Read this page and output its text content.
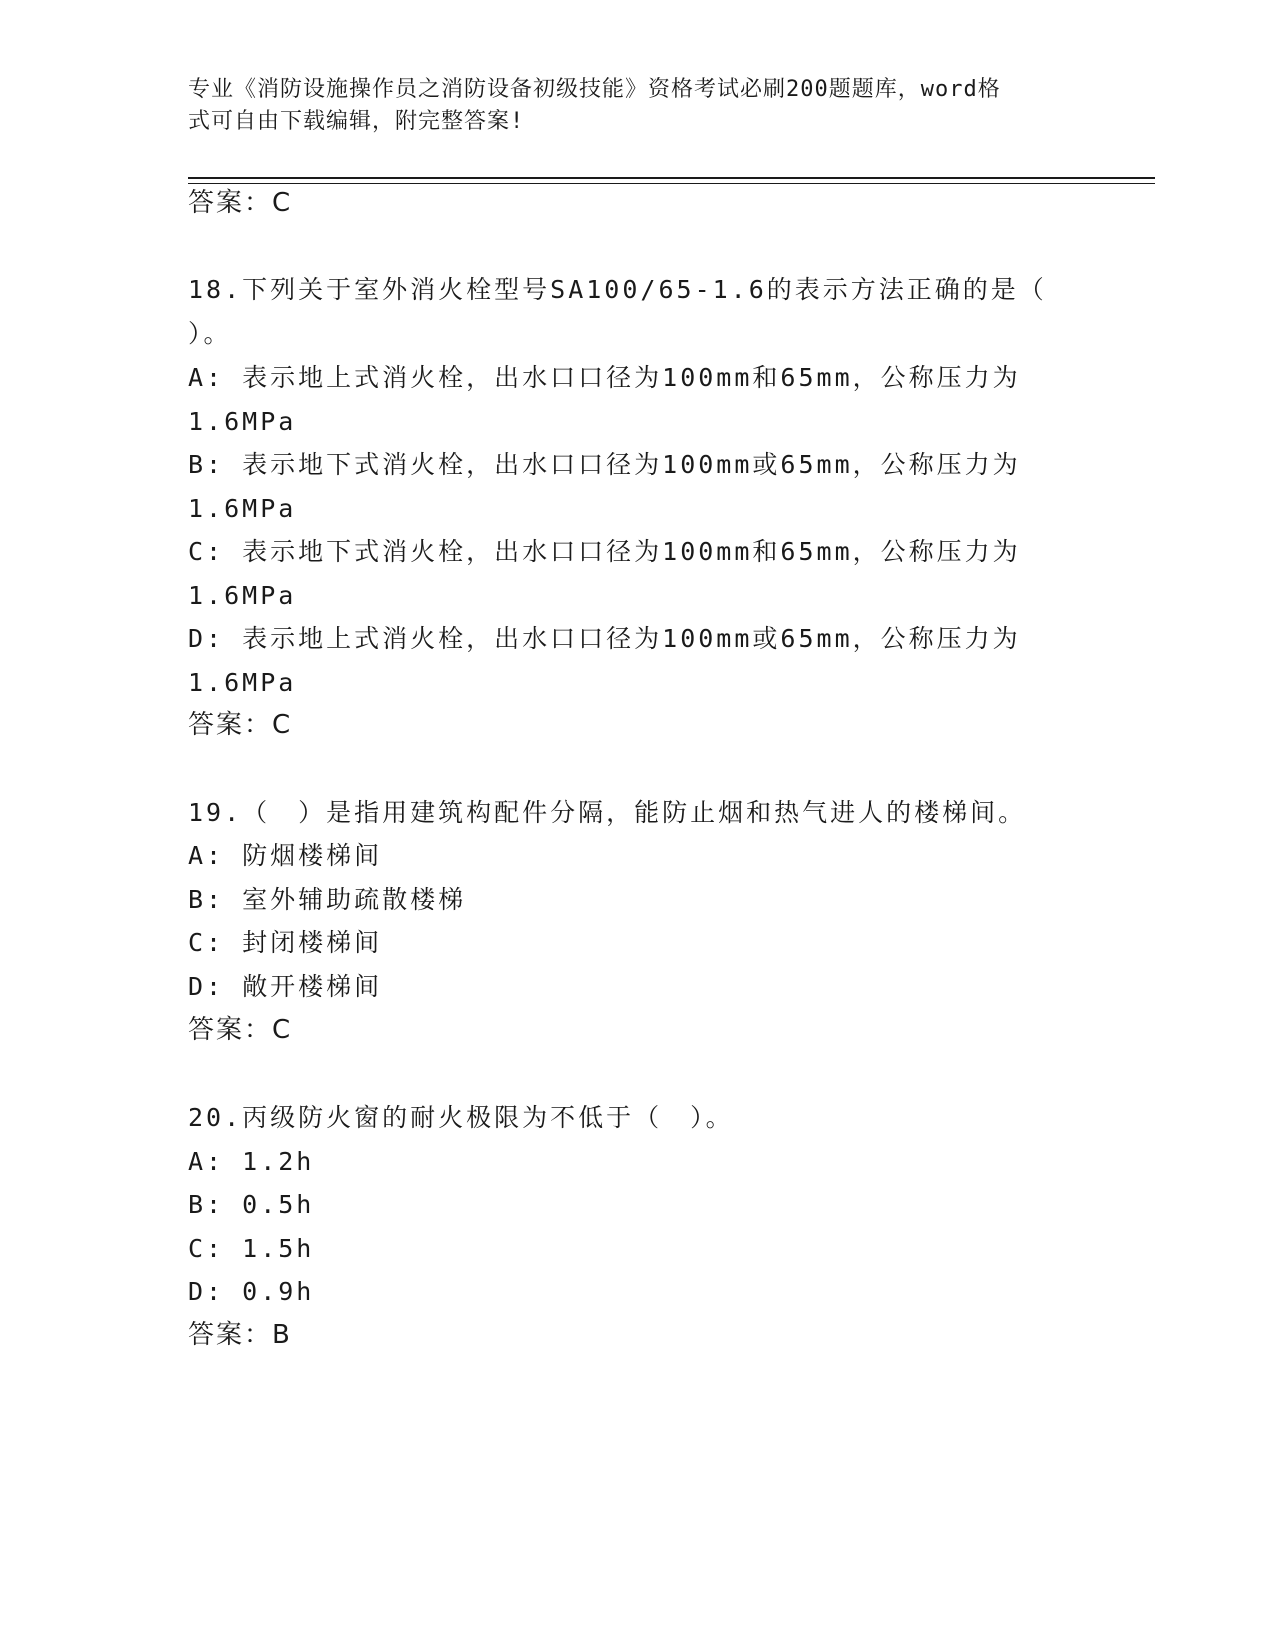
专业《消防设施操作员之消防设备初级技能》资格考试必刷200题题库，word格
式可自由下载编辑，附完整答案!
答案：C
18.下列关于室外消火栓型号SA100/65-1.6的表示方法正确的是（
）。
A: 表示地上式消火栓，出水口口径为100mm和65mm，公称压力为
1.6MPa
B: 表示地下式消火栓，出水口口径为100mm或65mm，公称压力为
1.6MPa
C: 表示地下式消火栓，出水口口径为100mm和65mm，公称压力为
1.6MPa
D: 表示地上式消火栓，出水口口径为100mm或65mm，公称压力为
1.6MPa
答案：C
19.（　）是指用建筑构配件分隔，能防止烟和热气进人的楼梯间。
A: 防烟楼梯间
B: 室外辅助疏散楼梯
C: 封闭楼梯间
D: 敞开楼梯间
答案：C
20.丙级防火窗的耐火极限为不低于（　）。
A: 1.2h
B: 0.5h
C: 1.5h
D: 0.9h
答案：B
